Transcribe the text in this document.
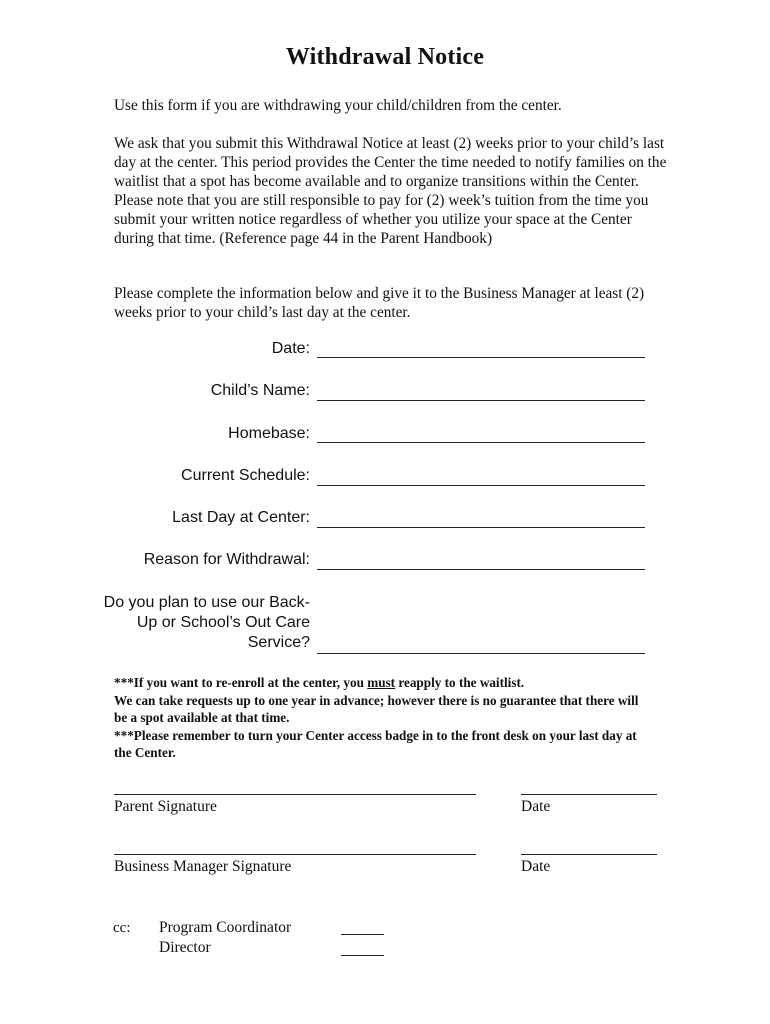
Withdrawal Notice
Use this form if you are withdrawing your child/children from the center.
We ask that you submit this Withdrawal Notice at least (2) weeks prior to your child’s last day at the center. This period provides the Center the time needed to notify families on the waitlist that a spot has become available and to organize transitions within the Center. Please note that you are still responsible to pay for (2) week’s tuition from the time you submit your written notice regardless of whether you utilize your space at the Center during that time. (Reference page 44 in the Parent Handbook)
Please complete the information below and give it to the Business Manager at least (2) weeks prior to your child’s last day at the center.
Date:
Child’s Name:
Homebase:
Current Schedule:
Last Day at Center:
Reason for Withdrawal:
Do you plan to use our Back-Up or School’s Out Care Service?
***If you want to re-enroll at the center, you must reapply to the waitlist.
We can take requests up to one year in advance; however there is no guarantee that there will be a spot available at that time.
***Please remember to turn your Center access badge in to the front desk on your last day at the Center.
Parent Signature	Date
Business Manager Signature	Date
cc: Program Coordinator
Director
